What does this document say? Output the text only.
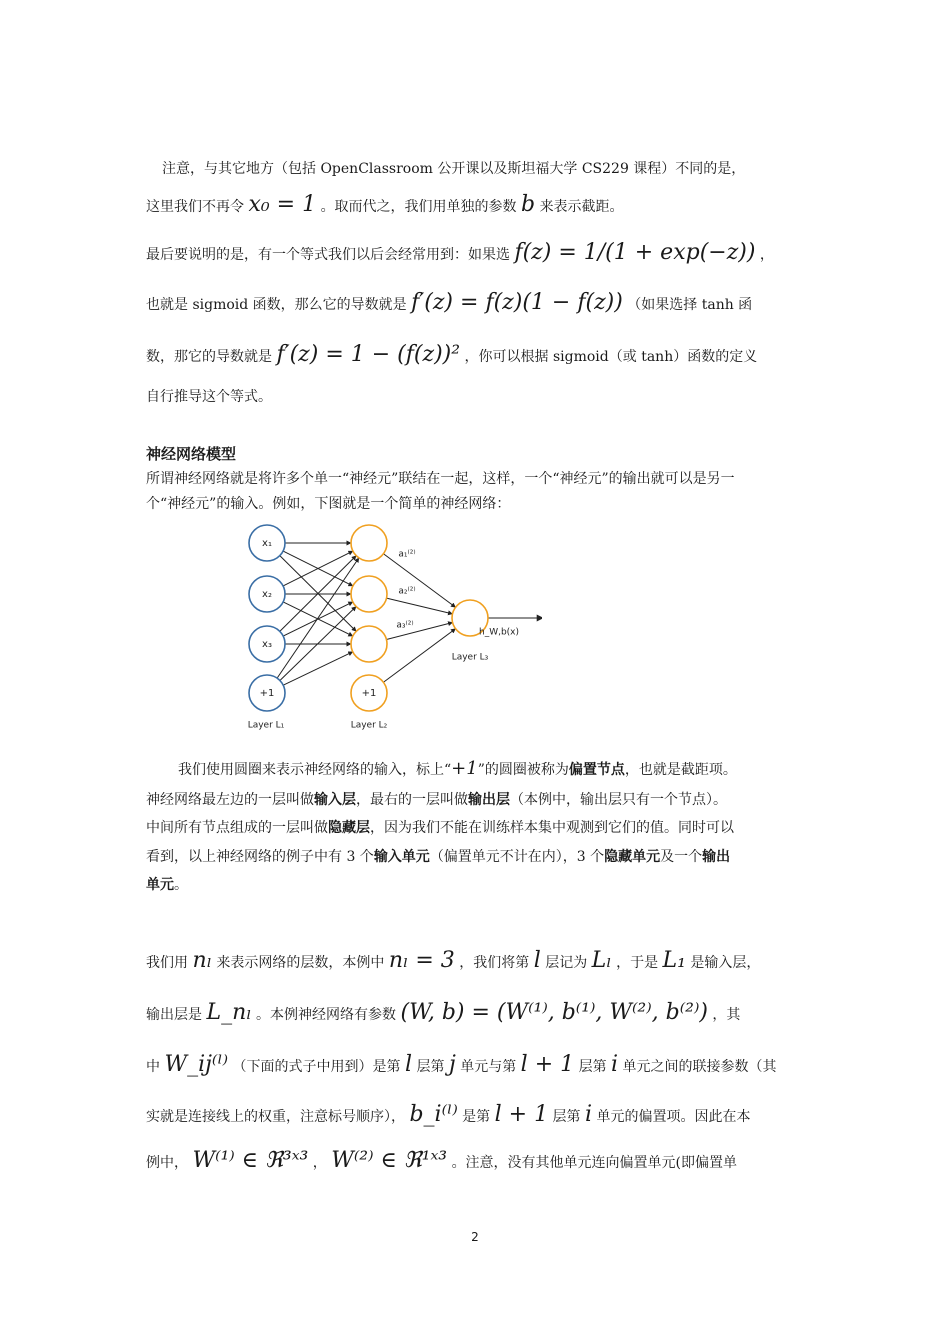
注意，与其它地方（包括 OpenClassroom 公开课以及斯坦福大学 CS229 课程）不同的是，
这里我们不再令 x₀ = 1 。取而代之，我们用单独的参数 b 来表示截距。
最后要说明的是，有一个等式我们以后会经常用到：如果选 f(z) = 1/(1 + exp(−z)) ，
也就是 sigmoid 函数，那么它的导数就是 f′(z) = f(z)(1 − f(z)) （如果选择 tanh 函
数，那它的导数就是 f′(z) = 1 − (f(z))² ，你可以根据 sigmoid（或 tanh）函数的定义
自行推导这个等式。
神经网络模型
所谓神经网络就是将许多个单一“神经元”联结在一起，这样，一个“神经元”的输出就可以是另一
个“神经元”的输入。例如，下图就是一个简单的神经网络：
x₁
x₂
x₃
+1	+1
a₁⁽²⁾
a₂⁽²⁾
a₃⁽²⁾
h_W,b(x)
Layer L₁	Layer L₂
Layer L₃
我们使用圆圈来表示神经网络的输入，标上“+1”的圆圈被称为偏置节点，也就是截距项。
神经网络最左边的一层叫做输入层，最右的一层叫做输出层（本例中，输出层只有一个节点）。
中间所有节点组成的一层叫做隐藏层，因为我们不能在训练样本集中观测到它们的值。同时可以
看到，以上神经网络的例子中有 3 个输入单元（偏置单元不计在内），3 个隐藏单元及一个输出
单元。
我们用 nₗ 来表示网络的层数，本例中 nₗ = 3 ，我们将第 l 层记为 Lₗ ，于是 L₁ 是输入层，
输出层是 L_nₗ 。本例神经网络有参数 (W, b) = (W⁽¹⁾, b⁽¹⁾, W⁽²⁾, b⁽²⁾) ，其
中 W_ij⁽ˡ⁾ （下面的式子中用到）是第 l 层第 j 单元与第 l + 1 层第 i 单元之间的联接参数（其
实就是连接线上的权重，注意标号顺序）， b_i⁽ˡ⁾ 是第 l + 1 层第 i 单元的偏置项。因此在本
例中， W⁽¹⁾ ∈ ℜ³ˣ³ ， W⁽²⁾ ∈ ℜ¹ˣ³ 。注意，没有其他单元连向偏置单元(即偏置单
2
